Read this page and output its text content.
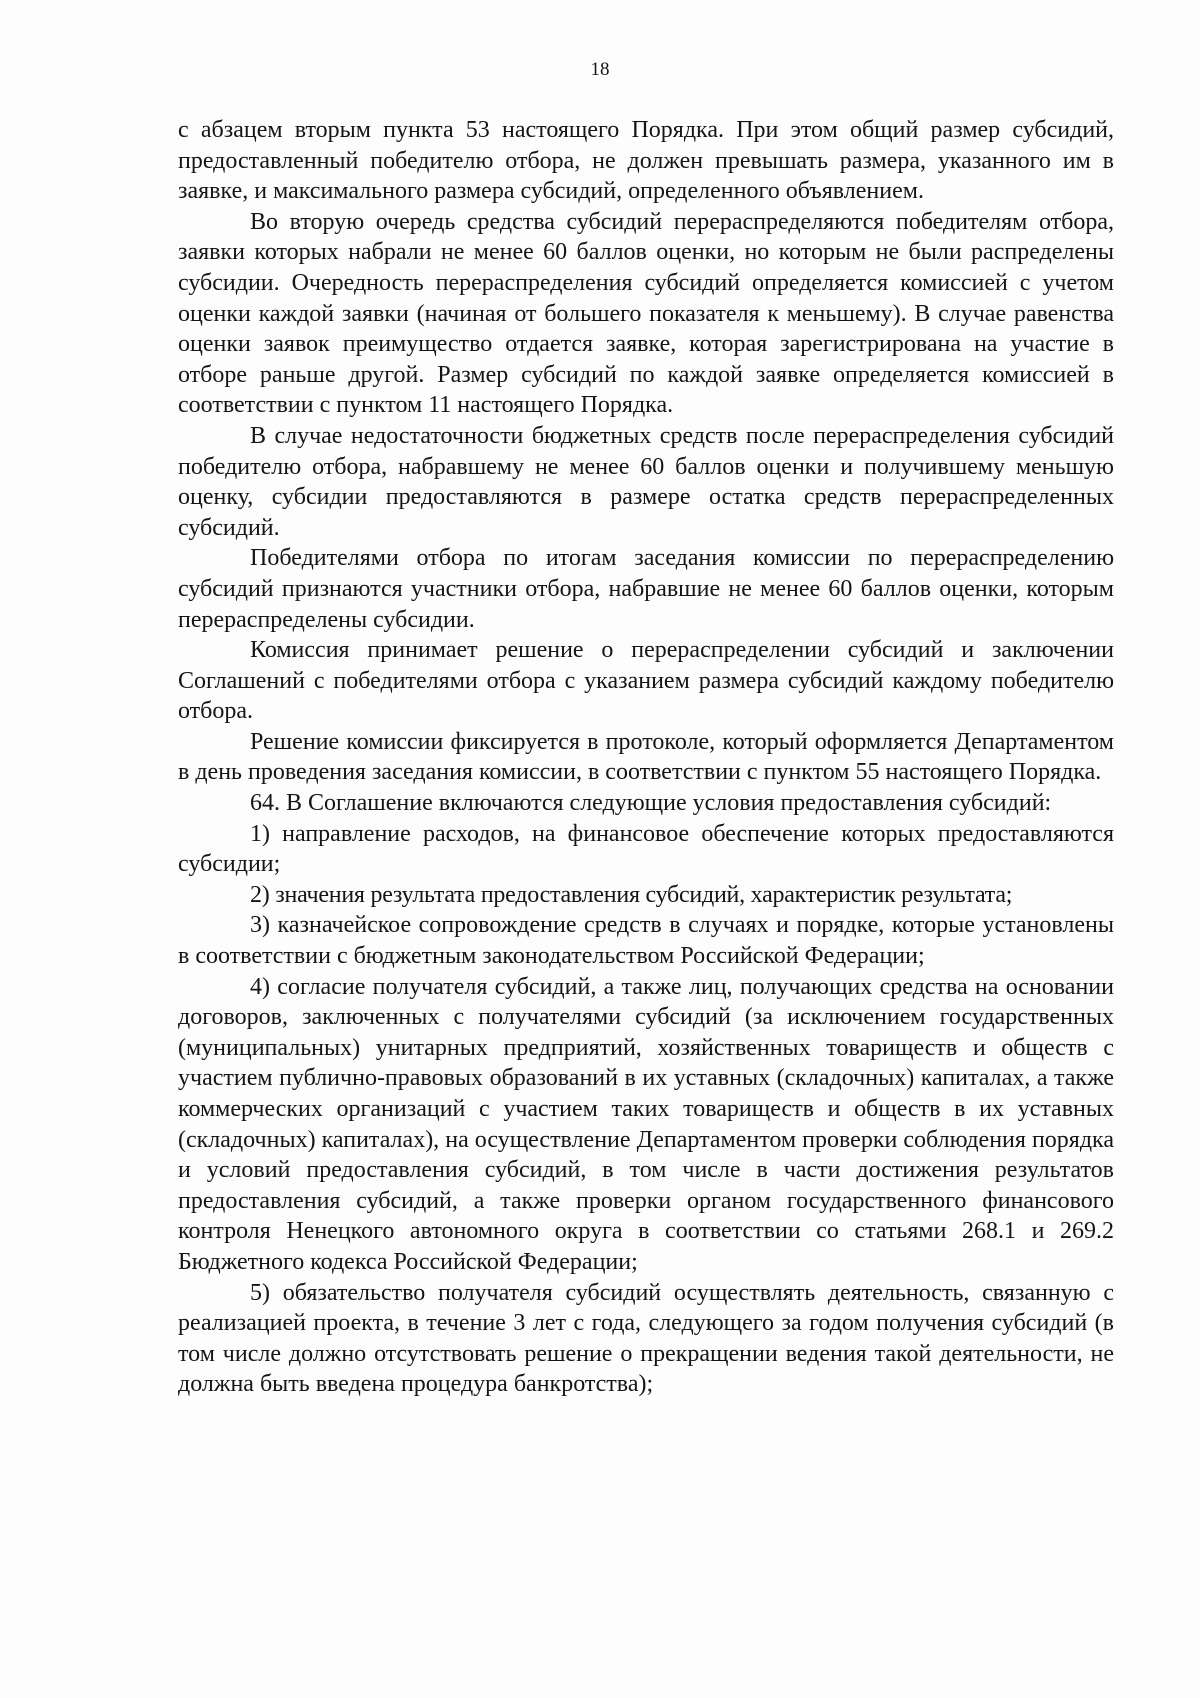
18

с абзацем вторым пункта 53 настоящего Порядка. При этом общий размер субсидий, предоставленный победителю отбора, не должен превышать размера, указанного им в заявке, и максимального размера субсидий, определенного объявлением.

Во вторую очередь средства субсидий перераспределяются победителям отбора, заявки которых набрали не менее 60 баллов оценки, но которым не были распределены субсидии. Очередность перераспределения субсидий определяется комиссией с учетом оценки каждой заявки (начиная от большего показателя к меньшему). В случае равенства оценки заявок преимущество отдается заявке, которая зарегистрирована на участие в отборе раньше другой. Размер субсидий по каждой заявке определяется комиссией в соответствии с пунктом 11 настоящего Порядка.

В случае недостаточности бюджетных средств после перераспределения субсидий победителю отбора, набравшему не менее 60 баллов оценки и получившему меньшую оценку, субсидии предоставляются в размере остатка средств перераспределенных субсидий.

Победителями отбора по итогам заседания комиссии по перераспределению субсидий признаются участники отбора, набравшие не менее 60 баллов оценки, которым перераспределены субсидии.

Комиссия принимает решение о перераспределении субсидий и заключении Соглашений с победителями отбора с указанием размера субсидий каждому победителю отбора.

Решение комиссии фиксируется в протоколе, который оформляется Департаментом в день проведения заседания комиссии, в соответствии с пунктом 55 настоящего Порядка.

64. В Соглашение включаются следующие условия предоставления субсидий:

1) направление расходов, на финансовое обеспечение которых предоставляются субсидии;

2) значения результата предоставления субсидий, характеристик результата;

3) казначейское сопровождение средств в случаях и порядке, которые установлены в соответствии с бюджетным законодательством Российской Федерации;

4) согласие получателя субсидий, а также лиц, получающих средства на основании договоров, заключенных с получателями субсидий (за исключением государственных (муниципальных) унитарных предприятий, хозяйственных товариществ и обществ с участием публично-правовых образований в их уставных (складочных) капиталах, а также коммерческих организаций с участием таких товариществ и обществ в их уставных (складочных) капиталах), на осуществление Департаментом проверки соблюдения порядка и условий предоставления субсидий, в том числе в части достижения результатов предоставления субсидий, а также проверки органом государственного финансового контроля Ненецкого автономного округа в соответствии со статьями 268.1 и 269.2 Бюджетного кодекса Российской Федерации;

5) обязательство получателя субсидий осуществлять деятельность, связанную с реализацией проекта, в течение 3 лет с года, следующего за годом получения субсидий (в том числе должно отсутствовать решение о прекращении ведения такой деятельности, не должна быть введена процедура банкротства);
